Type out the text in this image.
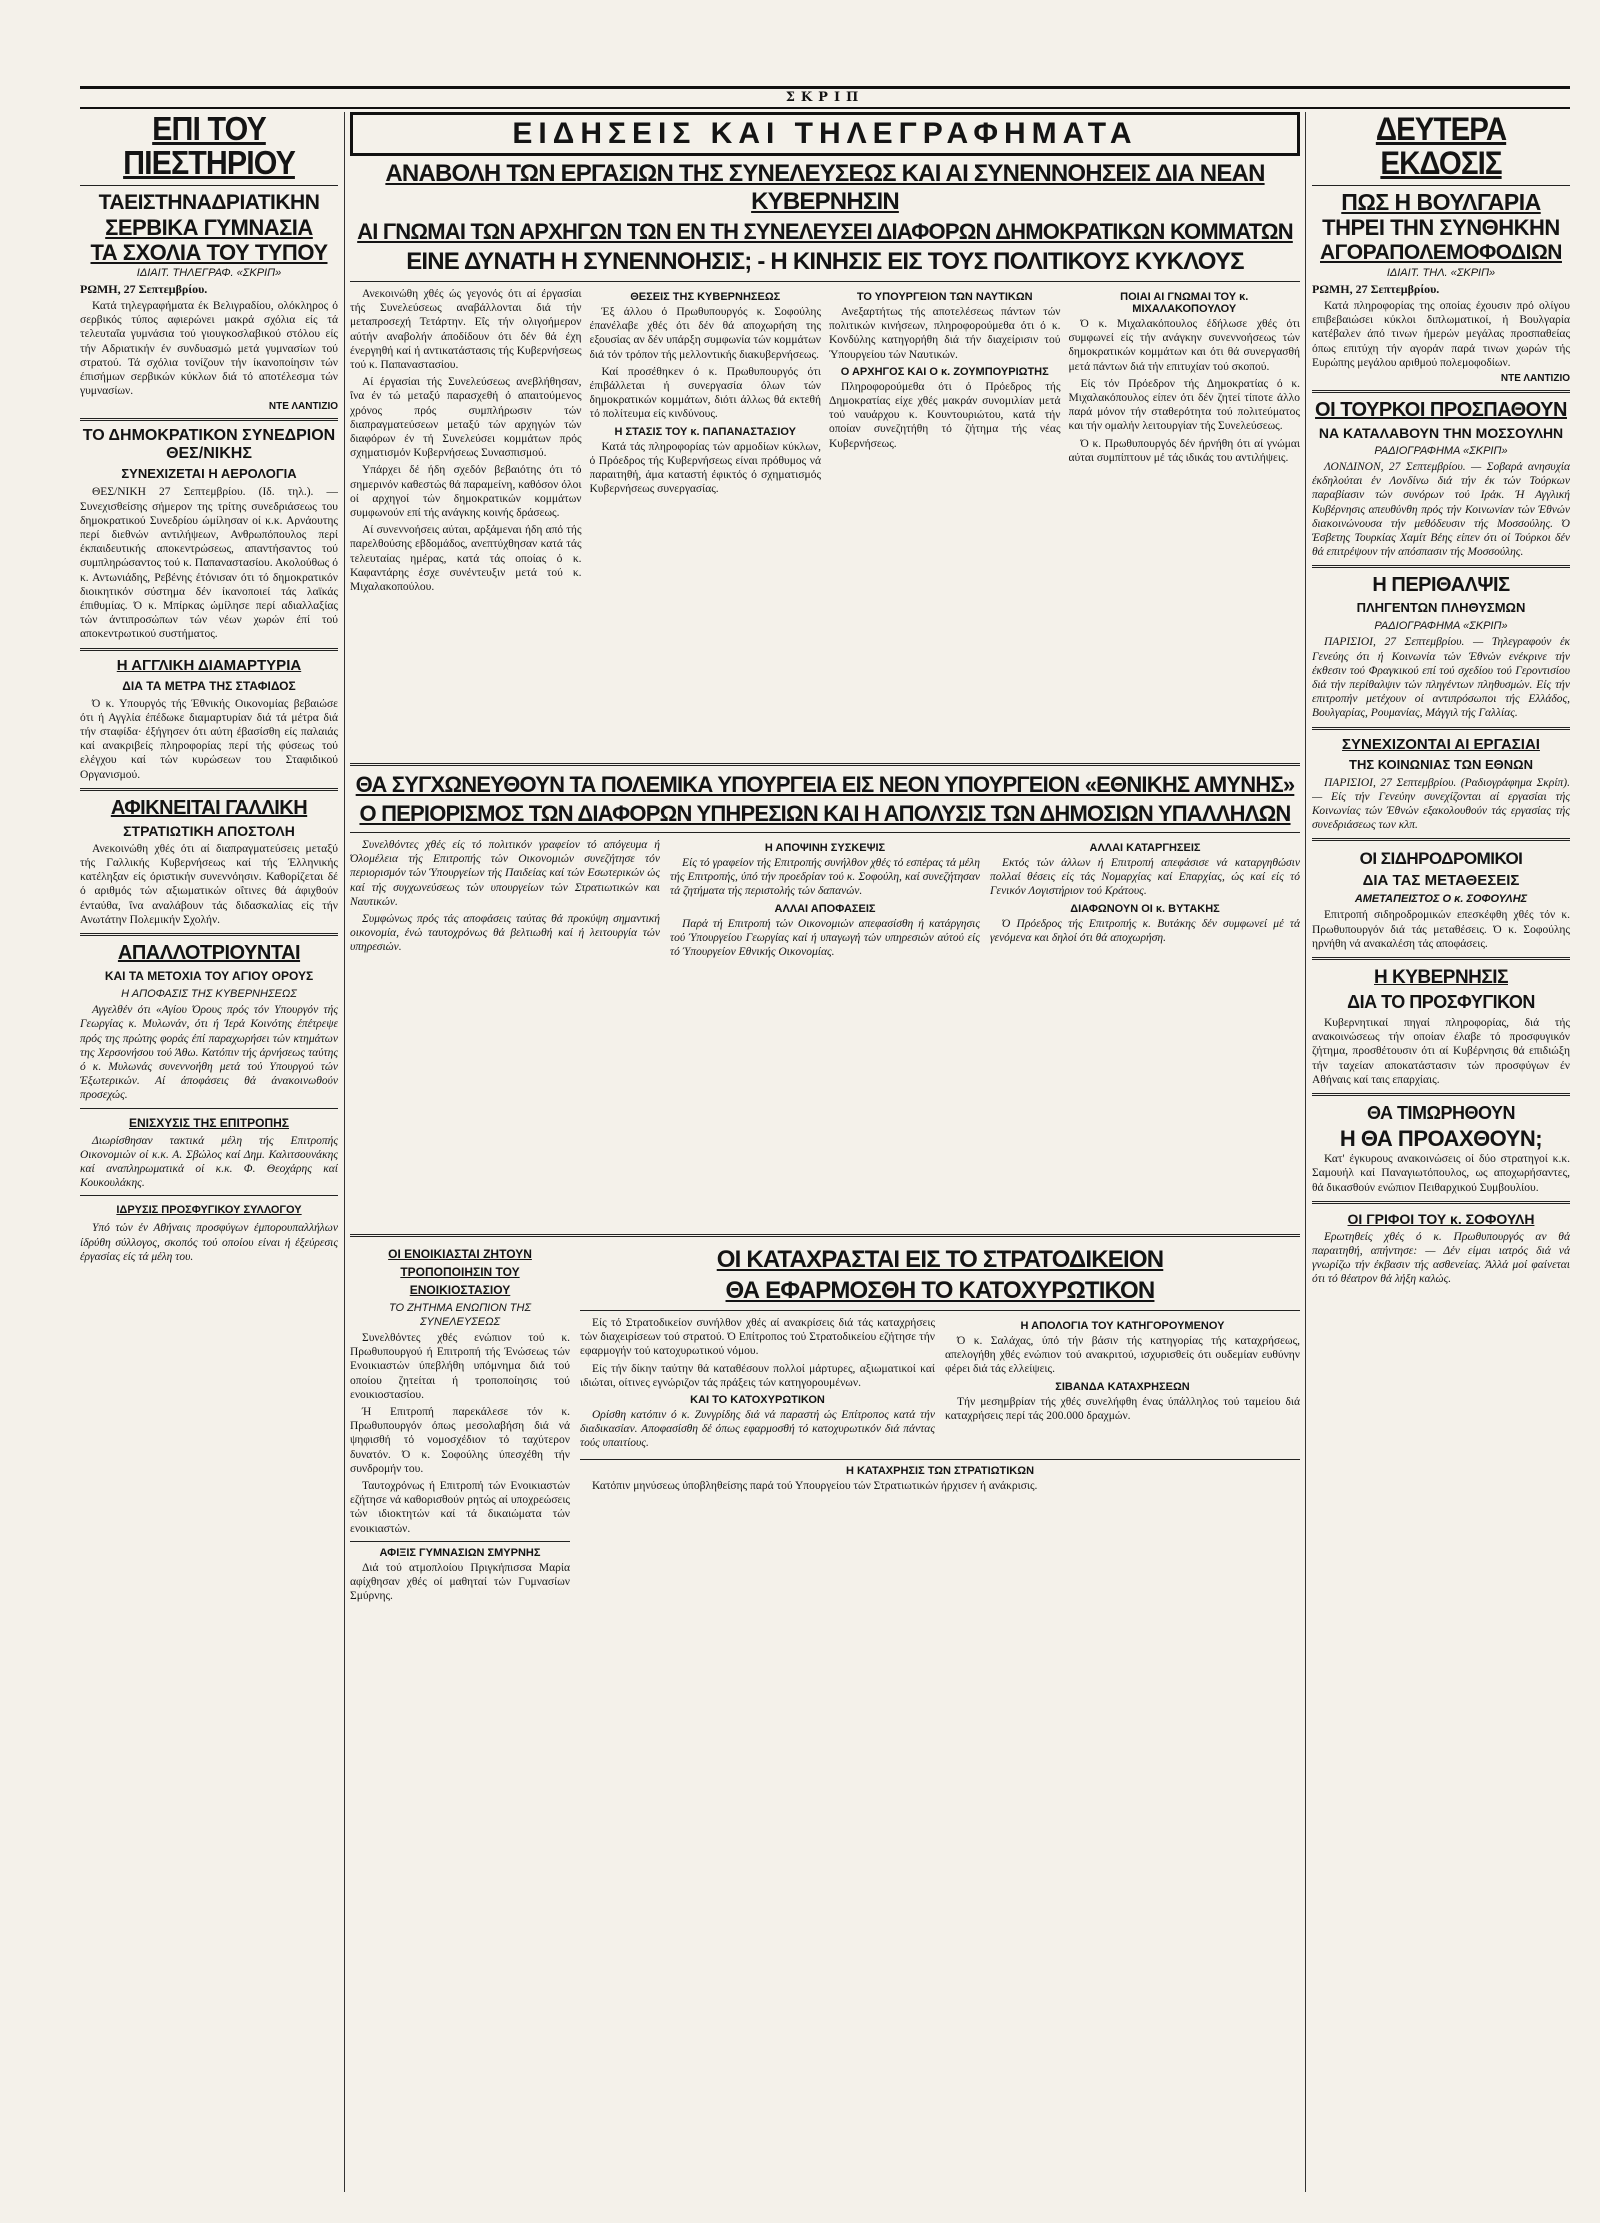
ΣΚΡΙΠ
ΕΠΙ ΤΟΥ ΠΙΕΣΤΗΡΙΟΥ
ΤΑΕΙΣΤΗΝΑΔΡΙΑΤΙΚΗΝ
ΣΕΡΒΙΚΑ ΓΥΜΝΑΣΙΑ
ΤΑ ΣΧΟΛΙΑ ΤΟΥ ΤΥΠΟΥ
ΙΔΙΑΙΤ. ΤΗΛΕΓΡΑΦ. «ΣΚΡΙΠ»
ΡΩΜΗ, 27 Σεπτεμβρίου.

Κατά τηλεγραφήματα έκ Βελιγραδίου, ολόκληρος ό σερβικός τύπος αφιερώνει μακρά σχόλια είς τά τελευταΐα γυμνάσια τού γιουγκοσλαβικού στόλου είς τήν Αδριατικήν έν συνδυασμώ μετά γυμνασίων τού στρατού. Τά σχόλια τονίζουν τήν ίκανοποίησιν τών έπισήμων σερβικών κύκλων διά τό αποτέλεσμα τών γυμνασίων.

ΝΤΕ ΛΑΝΤΙΖΙΟ
ΤΟ ΔΗΜΟΚΡΑΤΙΚΟΝ ΣΥΝΕΔΡΙΟΝ ΘΕΣ/ΝΙΚΗΣ
ΣΥΝΕΧΙΖΕΤΑΙ Η ΑΕΡΟΛΟΓΙΑ

ΘΕΣ/ΝΙΚΗ 27 Σεπτεμβρίου. (Ιδ. τηλ.). — Συνεχισθείσης σήμερον της τρίτης συνεδριάσεως του δημοκρατικού Συνεδρίου ώμίλησαν οί κ.κ. Αρνάουτης περί διεθνών αντιλήψεων, Ανθρωπόπουλος περί έκπαιδευτικής αποκεντρώσεως, απαντήσαντος τού συμπληρώσαντος τού κ. Παπαναστασίου. Ακολούθως ό κ. Αντωνιάδης, Ρεβένης έτόνισαν ότι τό δημοκρατικόν διοικητικόν σύστημα δέν ίκανοποιεί τάς λαϊκάς έπιθυμίας. Ό κ. Μπίρκας ώμίλησε περί αδιαλλαξίας τών άντιπροσώπων τών νέων χωρών έπί τού αποκεντρωτικού συστήματος.

Η ΑΓΓΛΙΚΗ ΔΙΑΜΑΡΤΥΡΙΑ
ΔΙΑ ΤΑ ΜΕΤΡΑ ΤΗΣ ΣΤΑΦΙΔΟΣ

Ό κ. Υπουργός τής Έθνικής Οικονομίας βεβαιώσε ότι ή Αγγλία έπέδωκε διαμαρτυρίαν διά τά μέτρα διά τήν σταφίδα· έξήγησεν ότι αύτη έβασίσθη είς παλαιάς καί ανακριβείς πληροφορίας περί τής φύσεως τού ελέγχου καί τών κυρώσεων του Σταφιδικού Οργανισμού.

ΑΦΙΚΝΕΙΤΑΙ ΓΑΛΛΙΚΗ
ΣΤΡΑΤΙΩΤΙΚΗ ΑΠΟΣΤΟΛΗ

Ανεκοινώθη χθές ότι αί διαπραγματεύσεις μεταξύ τής Γαλλικής Κυβερνήσεως καί τής Έλληνικής κατέληξαν είς όριστικήν συνεννόησιν. Καθορίζεται δέ ό αριθμός τών αξιωματικών οΐτινες θά άφιχθούν ένταύθα, ΐνα αναλάβουν τάς διδασκαλίας είς τήν Ανωτάτην Πολεμικήν Σχολήν.

ΑΠΑΛΛΟΤΡΙΟΥΝΤΑΙ
ΚΑΙ ΤΑ ΜΕΤΟΧΙΑ ΤΟΥ ΑΓΙΟΥ ΟΡΟΥΣ
Η ΑΠΟΦΑΣΙΣ ΤΗΣ ΚΥΒΕΡΝΗΣΕΩΣ

Αγγελθέν ότι «Αγίου Όρους πρός τόν Υπουργόν τής Γεωργίας κ. Μυλωνάν, ότι ή Ίερά Κοινότης έπέτρεψε πρός της πρώτης φοράς έπί παραχωρήσει τών κτημάτων της Χερσονήσου τού Άθω. Κατόπιν τής άρνήσεως ταύτης ό κ. Μυλωνάς συνεννοήθη μετά τού Υπουργού τών Έξωτερικών. Αί άποφάσεις θά άνακοινωθούν προσεχώς.

ΕΝΙΣΧΥΣΙΣ ΤΗΣ ΕΠΙΤΡΟΠΗΣ

Διωρίσθησαν τακτικά μέλη τής Επιτροπής Οικονομιών οί κ.κ. Α. Σβώλος καί Δημ. Καλιτσουνάκης καί αναπληρωματικά οί κ.κ. Φ. Θεοχάρης καί Κουκουλάκης.

ΙΔΡΥΣΙΣ ΠΡΟΣΦΥΓΙΚΟΥ ΣΥΛΛΟΓΟΥ

Υπό τών έν Αθήναις προσφύγων έμπορουπαλλήλων ίδρύθη σύλλογος, σκοπός τού οποίου είναι ή έξεύρεσις έργασίας είς τά μέλη του.

ΕΙΔΗΣΕΙΣ ΚΑΙ ΤΗΛΕΓΡΑΦΗΜΑΤΑ
ΑΝΑΒΟΛΗ ΤΩΝ ΕΡΓΑΣΙΩΝ ΤΗΣ ΣΥΝΕΛΕΥΣΕΩΣ ΚΑΙ ΑΙ ΣΥΝΕΝΝΟΗΣΕΙΣ ΔΙΑ ΝΕΑΝ ΚΥΒΕΡΝΗΣΙΝ
ΑΙ ΓΝΩΜΑΙ ΤΩΝ ΑΡΧΗΓΩΝ ΤΩΝ ΕΝ ΤΗ ΣΥΝΕΛΕΥΣΕΙ ΔΙΑΦΟΡΩΝ ΔΗΜΟΚΡΑΤΙΚΩΝ ΚΟΜΜΑΤΩΝ
ΕΙΝΕ ΔΥΝΑΤΗ Η ΣΥΝΕΝΝΟΗΣΙΣ; - Η ΚΙΝΗΣΙΣ ΕΙΣ ΤΟΥΣ ΠΟΛΙΤΙΚΟΥΣ ΚΥΚΛΟΥΣ

Ανεκοινώθη χθές ώς γεγονός ότι αί έργασίαι τής Συνελεύσεως αναβάλλονται διά τήν μεταπροσεχή Τετάρτην. Εΐς τήν ολιγοήμερον αύτήν αναβολήν άποδίδουν ότι δέν θά έχη ένεργηθή καί ή αντικατάστασις τής Κυβερνήσεως τού κ. Παπαναστασίου.

Αί έργασίαι τής Συνελεύσεως ανεβλήθησαν, ΐνα έν τώ μεταξύ παρασχεθή ό απαιτούμενος χρόνος πρός συμπλήρωσιν τών διαπραγματεύσεων μεταξύ τών αρχηγών τών διαφόρων έν τή Συνελεύσει κομμάτων πρός σχηματισμόν Κυβερνήσεως Συνασπισμού.

Υπάρχει δέ ήδη σχεδόν βεβαιότης ότι τό σημερινόν καθεστώς θά παραμείνη, καθόσον όλοι οί αρχηγοί τών δημοκρατικών κομμάτων συμφωνούν επί τής ανάγκης κοινής δράσεως.

Αί συνεννοήσεις αύται, αρξάμεναι ήδη από τής παρελθούσης εβδομάδος, ανεπτύχθησαν κατά τάς τελευταίας ημέρας, κατά τάς οποίας ό κ. Καφαντάρης έσχε συνέντευξιν μετά τού κ. Μιχαλακοπούλου.

ΘΕΣΕΙΣ ΤΗΣ ΚΥΒΕΡΝΗΣΕΩΣ

Έξ άλλου ό Πρωθυπουργός κ. Σοφούλης έπανέλαβε χθές ότι δέν θά αποχωρήση της εξουσίας αν δέν υπάρξη συμφωνία τών κομμάτων διά τόν τρόπον τής μελλοντικής διακυβερνήσεως.

Καί προσέθηκεν ό κ. Πρωθυπουργός ότι έπιβάλλεται ή συνεργασία όλων τών δημοκρατικών κομμάτων, διότι άλλως θά εκτεθή τό πολίτευμα είς κινδύνους.

Η ΣΤΑΣΙΣ ΤΟΥ κ. ΠΑΠΑΝΑΣΤΑΣΙΟΥ

Κατά τάς πληροφορίας τών αρμοδίων κύκλων, ό Πρόεδρος τής Κυβερνήσεως είναι πρόθυμος νά παραιτηθή, άμα καταστή έφικτός ό σχηματισμός Κυβερνήσεως συνεργασίας.

ΤΟ ΥΠΟΥΡΓΕΙΟΝ ΤΩΝ ΝΑΥΤΙΚΩΝ

Ανεξαρτήτως τής αποτελέσεως πάντων τών πολιτικών κινήσεων, πληροφορούμεθα ότι ό κ. Κονδύλης κατηγορήθη διά τήν διαχείρισιν τού Ύπουργείου τών Ναυτικών.

Ο ΑΡΧΗΓΟΣ ΚΑΙ Ο κ. ΖΟΥΜΠΟΥΡΙΩΤΗΣ

Πληροφορούμεθα ότι ό Πρόεδρος τής Δημοκρατίας είχε χθές μακράν συνομιλίαν μετά τού ναυάρχου κ. Κουντουριώτου, κατά τήν οποίαν συνεζητήθη τό ζήτημα τής νέας Κυβερνήσεως.

ΠΟΙΑΙ ΑΙ ΓΝΩΜΑΙ ΤΟΥ κ. ΜΙΧΑΛΑΚΟΠΟΥΛΟΥ

Ό κ. Μιχαλακόπουλος έδήλωσε χθές ότι συμφωνεί είς τήν ανάγκην συνεννοήσεως τών δημοκρατικών κομμάτων και ότι θά συνεργασθή μετά πάντων διά τήν επιτυχίαν τού σκοπού.

Είς τόν Πρόεδρον τής Δημοκρατίας ό κ. Μιχαλακόπουλος είπεν ότι δέν ζητεί τίποτε άλλο παρά μόνον τήν σταθερότητα τού πολιτεύματος και τήν ομαλήν λειτουργίαν τής Συνελεύσεως.

Ό κ. Πρωθυπουργός δέν ήρνήθη ότι αί γνώμαι αύται συμπίπτουν μέ τάς ιδικάς του αντιλήψεις.

ΘΑ ΣΥΓΧΩΝΕΥΘΟΥΝ ΤΑ ΠΟΛΕΜΙΚΑ ΥΠΟΥΡΓΕΙΑ ΕΙΣ ΝΕΟΝ ΥΠΟΥΡΓΕΙΟΝ «ΕΘΝΙΚΗΣ ΑΜΥΝΗΣ»
Ο ΠΕΡΙΟΡΙΣΜΟΣ ΤΩΝ ΔΙΑΦΟΡΩΝ ΥΠΗΡΕΣΙΩΝ ΚΑΙ Η ΑΠΟΛΥΣΙΣ ΤΩΝ ΔΗΜΟΣΙΩΝ ΥΠΑΛΛΗΛΩΝ

Συνελθόντες χθές είς τό πολιτικόν γραφείον τό απόγευμα ή Όλομέλεια τής Επιτροπής τών Οικονομιών συνεζήτησε τόν περιορισμόν τών Ύπουργείων τής Παιδείας καί τών Εσωτερικών ώς καί τής συγχωνεύσεως τών υπουργείων τών Στρατιωτικών και Ναυτικών.

Συμφώνως πρός τάς αποφάσεις ταύτας θά προκύψη σημαντική οικονομία, ένώ ταυτοχρόνως θά βελτιωθή καί ή λειτουργία τών υπηρεσιών.

Η ΑΠΟΨΙΝΗ ΣΥΣΚΕΨΙΣ

Είς τό γραφείον τής Επιτροπής συνήλθον χθές τό εσπέρας τά μέλη τής Επιτροπής, ύπό τήν προεδρίαν τού κ. Σοφούλη, καί συνεζήτησαν τά ζητήματα τής περιστολής τών δαπανών.

ΑΛΛΑΙ ΑΠΟΦΑΣΕΙΣ

Παρά τή Επιτροπή τών Οικονομιών απεφασίσθη ή κατάργησις τού Ύπουργείου Γεωργίας καί ή υπαγωγή τών υπηρεσιών αύτού είς τό Ύπουργείον Εθνικής Οικονομίας.

ΑΛΛΑΙ ΚΑΤΑΡΓΗΣΕΙΣ

Εκτός τών άλλων ή Επιτροπή απεφάσισε νά καταργηθώσιν πολλαί θέσεις είς τάς Νομαρχίας καί Επαρχίας, ώς καί είς τό Γενικόν Λογιστήριον τού Κράτους.

ΔΙΑΦΩΝΟΥΝ ΟΙ κ. ΒΥΤΑΚΗΣ

Ό Πρόεδρος τής Επιτροπής κ. Βυτάκης δέν συμφωνεί μέ τά γενόμενα και δηλοί ότι θά αποχωρήση.

ΟΙ ΕΝΟΙΚΙΑΣΤΑΙ ΖΗΤΟΥΝ ΤΡΟΠΟΠΟΙΗΣΙΝ ΤΟΥ ΕΝΟΙΚΙΟΣΤΑΣΙΟΥ
ΤΟ ΖΗΤΗΜΑ ΕΝΩΠΙΟΝ ΤΗΣ ΣΥΝΕΛΕΥΣΕΩΣ

Συνελθόντες χθές ενώπιον τού κ. Πρωθυπουργού ή Επιτροπή τής Ένώσεως τών Ενοικιαστών ύπεβλήθη υπόμνημα διά τού οποίου ζητείται ή τροποποίησις τού ενοικιοστασίου.

Ή Επιτροπή παρεκάλεσε τόν κ. Πρωθυπουργόν όπως μεσολαβήση διά νά ψηφισθή τό νομοσχέδιον τό ταχύτερον δυνατόν. Ό κ. Σοφούλης ύπεσχέθη τήν συνδρομήν του.

Ταυτοχρόνως ή Επιτροπή τών Ενοικιαστών εζήτησε νά καθορισθούν ρητώς αί υποχρεώσεις τών ιδιοκτητών καί τά δικαιώματα τών ενοικιαστών.

ΑΦΙΞΙΣ ΓΥΜΝΑΣΙΩΝ ΣΜΥΡΝΗΣ

Διά τού ατμοπλοίου Πριγκήπισσα Μαρία αφίχθησαν χθές οί μαθηταί τών Γυμνασίων Σμύρνης.

ΟΙ ΚΑΤΑΧΡΑΣΤΑΙ ΕΙΣ ΤΟ ΣΤΡΑΤΟΔΙΚΕΙΟΝ
ΘΑ ΕΦΑΡΜΟΣΘΗ ΤΟ ΚΑΤΟΧΥΡΩΤΙΚΟΝ

Είς τό Στρατοδικείον συνήλθον χθές αί ανακρίσεις διά τάς καταχρήσεις τών διαχειρίσεων τού στρατού. Ό Επίτροπος τού Στρατοδικείου εζήτησε τήν εφαρμογήν τού κατοχυρωτικού νόμου.

Είς τήν δίκην ταύτην θά καταθέσουν πολλοί μάρτυρες, αξιωματικοί καί ιδιώται, οίτινες εγνώριζον τάς πράξεις τών κατηγορουμένων.

ΚΑΙ ΤΟ ΚΑΤΟΧΥΡΩΤΙΚΟΝ

Ορίσθη κατόπιν ό κ. Ζυνγρίδης διά νά παραστή ώς Επίτροπος κατά τήν διαδικασίαν. Αποφασίσθη δέ όπως εφαρμοσθή τό κατοχυρωτικόν διά πάντας τούς υπαιτίους.

Η ΑΠΟΛΟΓΙΑ ΤΟΥ ΚΑΤΗΓΟΡΟΥΜΕΝΟΥ

Ό κ. Σαλάχας, ύπό τήν βάσιν τής κατηγορίας τής καταχρήσεως, απελογήθη χθές ενώπιον τού ανακριτού, ισχυρισθείς ότι ουδεμίαν ευθύνην φέρει διά τάς ελλείψεις.

ΣΙΒΑΝΔΑ ΚΑΤΑΧΡΗΣΕΩΝ

Τήν μεσημβρίαν τής χθές συνελήφθη ένας ύπάλληλος τού ταμείου διά καταχρήσεις περί τάς 200.000 δραχμών.

Η ΚΑΤΑΧΡΗΣΙΣ ΤΩΝ ΣΤΡΑΤΙΩΤΙΚΩΝ

Κατόπιν μηνύσεως ύποβληθείσης παρά τού Υπουργείου τών Στρατιωτικών ήρχισεν ή ανάκρισις.

ΔΕΥΤΕΡΑ ΕΚΔΟΣΙΣ
ΠΩΣ Η ΒΟΥΛΓΑΡΙΑ
ΤΗΡΕΙ ΤΗΝ ΣΥΝΘΗΚΗΝ
ΑΓΟΡΑΠΟΛΕΜΟΦΟΔΙΩΝ
ΙΔΙΑΙΤ. ΤΗΛ. «ΣΚΡΙΠ»
ΡΩΜΗ, 27 Σεπτεμβρίου.

Κατά πληροφορίας της οποίας έχουσιν πρό ολίγου επιβεβαιώσει κύκλοι διπλωματικοί, ή Βουλγαρία κατέβαλεν άπό τινων ήμερών μεγάλας προσπαθείας όπως επιτύχη τήν αγοράν παρά τινων χωρών τής Ευρώπης μεγάλου αριθμού πολεμοφοδίων.

ΝΤΕ ΛΑΝΤΙΖΙΟ
ΟΙ ΤΟΥΡΚΟΙ ΠΡΟΣΠΑΘΟΥΝ
ΝΑ ΚΑΤΑΛΑΒΟΥΝ ΤΗΝ ΜΟΣΣΟΥΛΗΝ
ΡΑΔΙΟΓΡΑΦΗΜΑ «ΣΚΡΙΠ»

ΛΟΝΔΙΝΟΝ, 27 Σεπτεμβρίου. — Σοβαρά ανησυχία έκδηλούται έν Λονδίνω διά τήν έκ τών Τούρκων παραβίασιν τών συνόρων τού Ιράκ. Ή Αγγλική Κυβέρνησις απευθύνθη πρός τήν Κοινωνίαν τών Έθνών διακοινώνουσα τήν μεθόδευσιν τής Μοσσούλης. Ό Έσβετης Τουρκίας Χαμίτ Βέης είπεν ότι οί Τούρκοι δέν θά επιτρέψουν τήν απόσπασιν τής Μοσσούλης.

Η ΠΕΡΙΘΑΛΨΙΣ
ΠΛΗΓΕΝΤΩΝ ΠΛΗΘΥΣΜΩΝ
ΡΑΔΙΟΓΡΑΦΗΜΑ «ΣΚΡΙΠ»

ΠΑΡΙΣΙΟΙ, 27 Σεπτεμβρίου. — Τηλεγραφούν έκ Γενεύης ότι ή Κοινωνία τών Έθνών ενέκρινε τήν έκθεσιν τού Φραγκικού επί τού σχεδίου τού Γεροντισίου διά τήν περίθαλψιν τών πληγέντων πληθυσμών. Είς τήν επιτροπήν μετέχουν οί αντιπρόσωποι τής Ελλάδος, Βουλγαρίας, Ρουμανίας, Μάγγιλ τής Γαλλίας.

ΣΥΝΕΧΙΖΟΝΤΑΙ ΑΙ ΕΡΓΑΣΙΑΙ
ΤΗΣ ΚΟΙΝΩΝΙΑΣ ΤΩΝ ΕΘΝΩΝ

ΠΑΡΙΣΙΟΙ, 27 Σεπτεμβρίου. (Ραδιογράφημα Σκρίπ). — Είς τήν Γενεύην συνεχίζονται αί εργασίαι τής Κοινωνίας τών Έθνών εξακολουθούν τάς εργασίας τής συνεδριάσεως των κλπ.

ΟΙ ΣΙΔΗΡΟΔΡΟΜΙΚΟΙ
ΔΙΑ ΤΑΣ ΜΕΤΑΘΕΣΕΙΣ
ΑΜΕΤΑΠΕΙΣΤΟΣ Ο κ. ΣΟΦΟΥΛΗΣ

Επιτροπή σιδηροδρομικών επεσκέφθη χθές τόν κ. Πρωθυπουργόν διά τάς μεταθέσεις. Ό κ. Σοφούλης ηρνήθη νά ανακαλέση τάς αποφάσεις.

Η ΚΥΒΕΡΝΗΣΙΣ
ΔΙΑ ΤΟ ΠΡΟΣΦΥΓΙΚΟΝ

Κυβερνητικαί πηγαί πληροφορίας, διά τής ανακοινώσεως τήν οποίαν έλαβε τό προσφυγικόν ζήτημα, προσθέτουσιν ότι αί Κυβέρνησις θά επιδιώξη τήν ταχείαν αποκατάστασιν τών προσφύγων έν Αθήναις καί ταις επαρχίαις.

ΘΑ ΤΙΜΩΡΗΘΟΥΝ
Η ΘΑ ΠΡΟΑΧΘΟΥΝ;

Κατ' έγκυρους ανακοινώσεις οί δύο στρατηγοί κ.κ. Σαμουήλ καί Παναγιωτόπουλος, ως αποχωρήσαντες, θά δικασθούν ενώπιον Πειθαρχικού Συμβουλίου.

ΟΙ ΓΡΙΦΟΙ ΤΟΥ κ. ΣΟΦΟΥΛΗ

Ερωτηθείς χθές ό κ. Πρωθυπουργός αν θά παραιτηθή, απήντησε: — Δέν είμαι ιατρός διά νά γνωρίζω τήν έκβασιν τής ασθενείας. Άλλά μοί φαίνεται ότι τό θέατρον θά λήξη καλώς.
